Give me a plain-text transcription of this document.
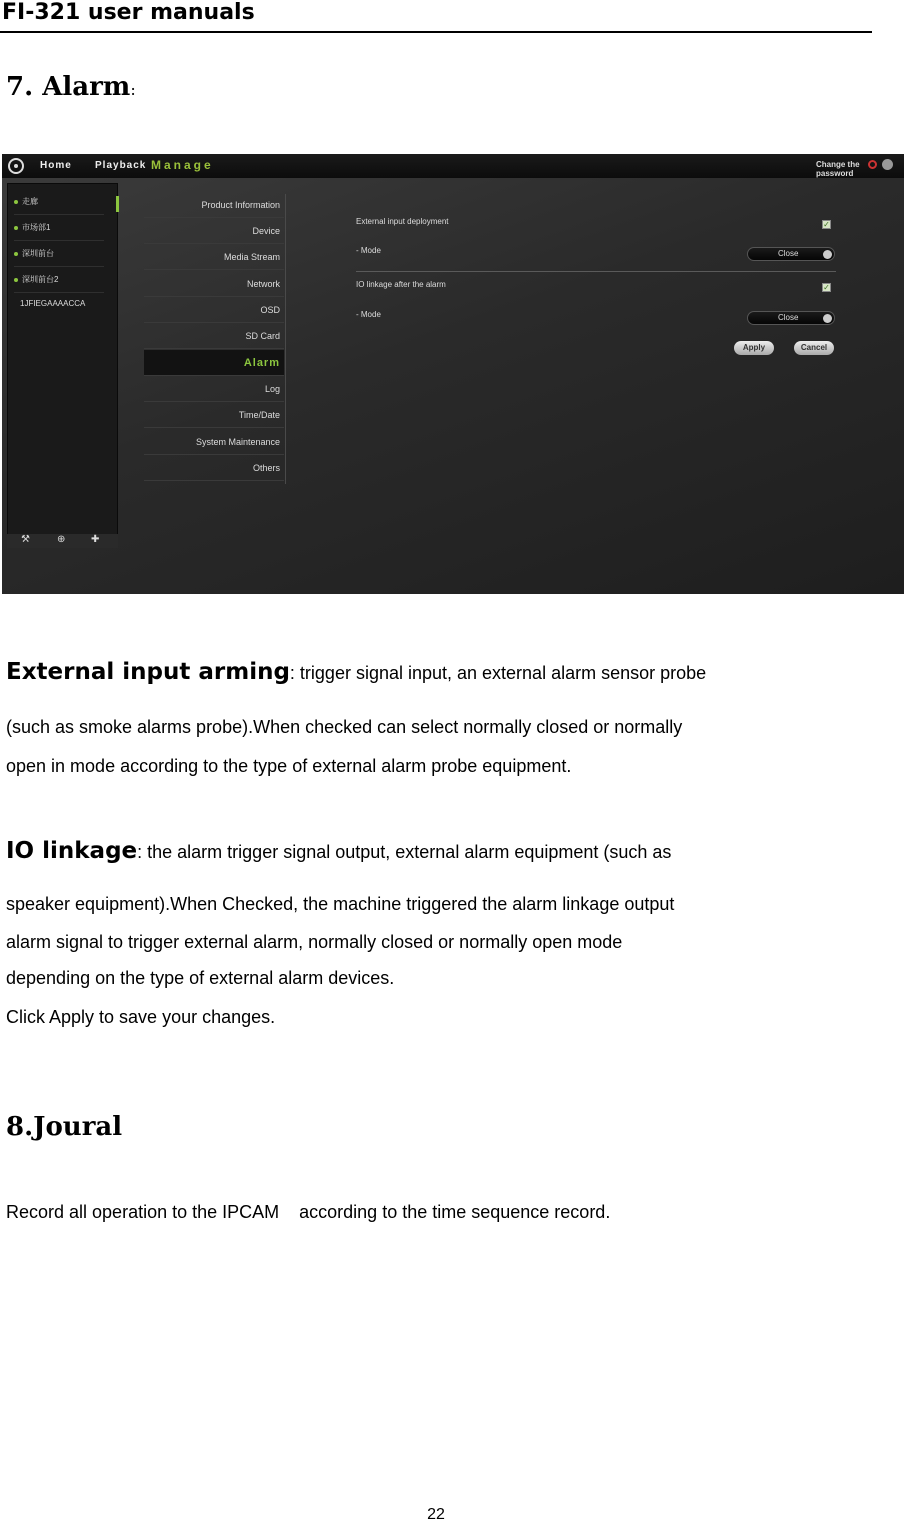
FI-321 user manuals
7. Alarm:
Home Playback Manage	Change the
password
走廊
市场部1
深圳前台
深圳前台2
1JFIEGAAAACCA
⚒	⊕	✚
Product Information
Device
Media Stream
Network
OSD
SD Card
Alarm
Log
Time/Date
System Maintenance
Others
External input deployment	✓
- Mode	Close
IO linkage after the alarm	✓
- Mode	Close
Apply	Cancel
External input arming: trigger signal input, an external alarm sensor probe
(such as smoke alarms probe).When checked can select normally closed or normally
open in mode according to the type of external alarm probe equipment.
IO linkage: the alarm trigger signal output, external alarm equipment (such as
speaker equipment).When Checked, the machine triggered the alarm linkage output
alarm signal to trigger external alarm, normally closed or normally open mode
depending on the type of external alarm devices.
Click Apply to save your changes.
8.Joural
Record all operation to the IPCAM    according to the time sequence record.
22
